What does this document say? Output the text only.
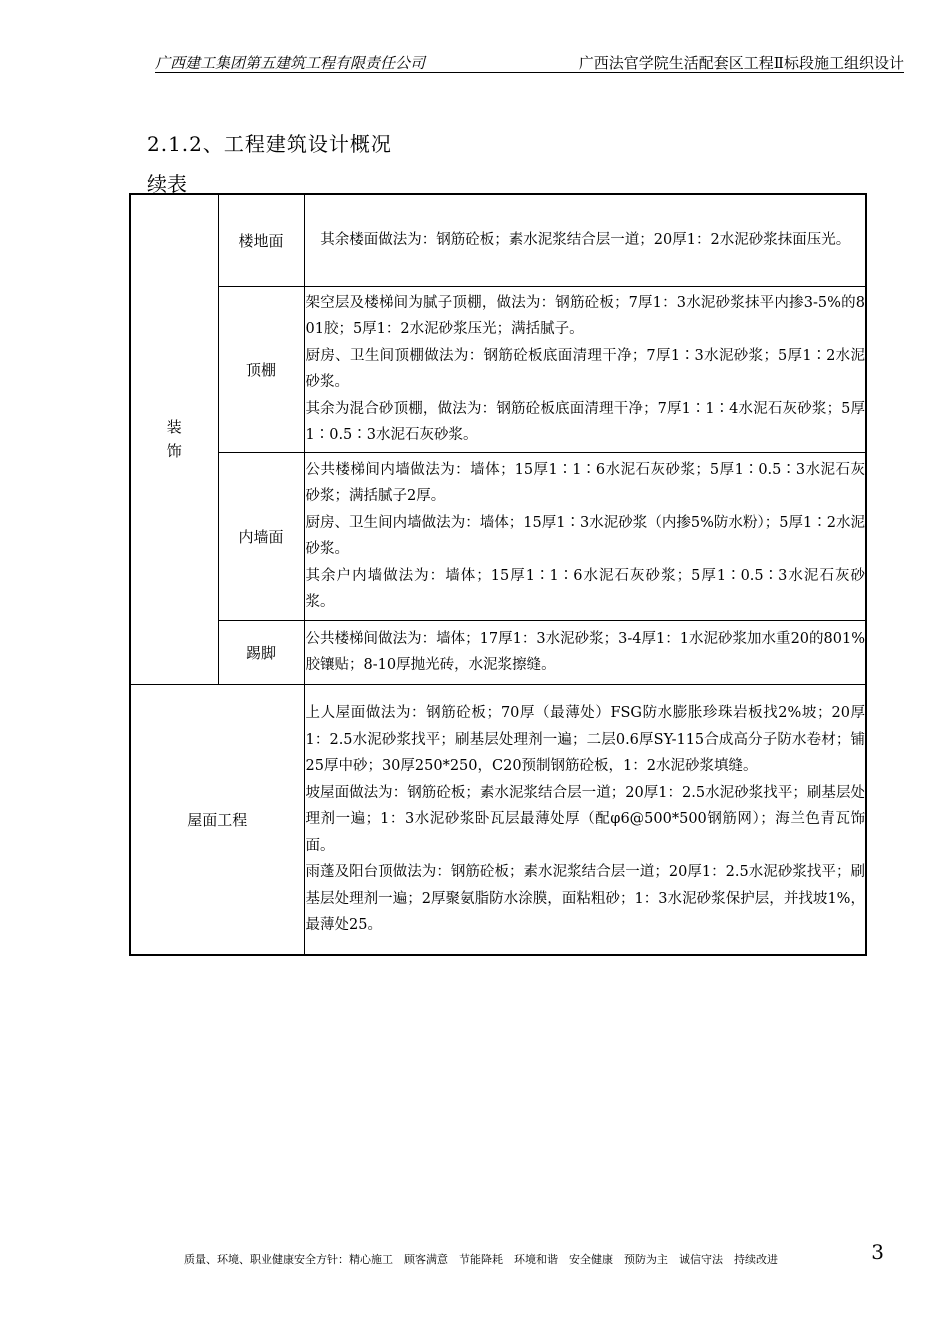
广西建工集团第五建筑工程有限责任公司	广西法官学院生活配套区工程Ⅱ标段施工组织设计
2.1.2、工程建筑设计概况
续表
装
饰	楼地面	其余楼面做法为：钢筋砼板；素水泥浆结合层一道；20厚1：2水泥砂浆抹面压光。

	顶棚	架空层及楼梯间为腻子顶棚，做法为：钢筋砼板；7厚1：3水泥砂浆抹平内掺3-5%的801胶；5厚1：2水泥砂浆压光；满括腻子。

厨房、卫生间顶棚做法为：钢筋砼板底面清理干净；7厚1∶3水泥砂浆；5厚1∶2水泥砂浆。

其余为混合砂顶棚，做法为：钢筋砼板底面清理干净；7厚1∶1∶4水泥石灰砂浆；5厚1∶0.5∶3水泥石灰砂浆。

	内墙面	公共楼梯间内墙做法为：墙体；15厚1∶1∶6水泥石灰砂浆；5厚1∶0.5∶3水泥石灰砂浆；满括腻子2厚。

厨房、卫生间内墙做法为：墙体；15厚1∶3水泥砂浆（内掺5%防水粉）；5厚1∶2水泥砂浆。

其余户内墙做法为：墙体；15厚1∶1∶6水泥石灰砂浆；5厚1∶0.5∶3水泥石灰砂浆。

	踢脚	公共楼梯间做法为：墙体；17厚1：3水泥砂浆；3-4厚1：1水泥砂浆加水重20的801%胶镶贴；8-10厚抛光砖，水泥浆擦缝。

屋面工程		上人屋面做法为：钢筋砼板；70厚（最薄处）FSG防水膨胀珍珠岩板找2%坡；20厚1：2.5水泥砂浆找平；刷基层处理剂一遍；二层0.6厚SY-115合成高分子防水卷材；铺25厚中砂；30厚250*250，C20预制钢筋砼板，1：2水泥砂浆填缝。

坡屋面做法为：钢筋砼板；素水泥浆结合层一道；20厚1：2.5水泥砂浆找平；刷基层处理剂一遍；1：3水泥砂浆卧瓦层最薄处厚（配φ6@500*500钢筋网）；海兰色青瓦饰面。

雨蓬及阳台顶做法为：钢筋砼板；素水泥浆结合层一道；20厚1：2.5水泥砂浆找平；刷基层处理剂一遍；2厚聚氨脂防水涂膜，面粘粗砂；1：3水泥砂浆保护层，并找坡1%，最薄处25。

质量、环境、职业健康安全方针：精心施工　顾客满意　节能降耗　环境和谐　安全健康　预防为主　诚信守法　持续改进	3
